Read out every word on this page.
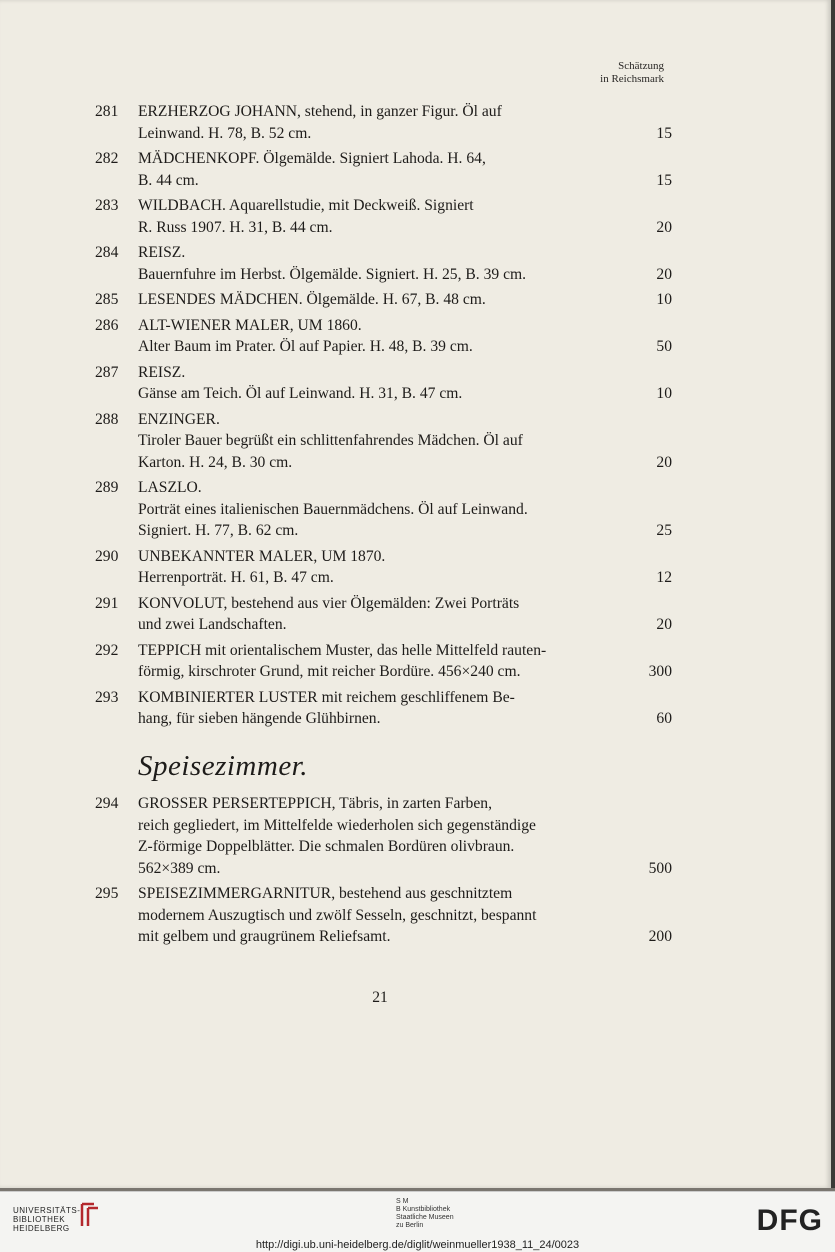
Schätzung
in Reichsmark
281	ERZHERZOG JOHANN, stehend, in ganzer Figur. Öl auf
Leinwand. H. 78, B. 52 cm.	15
282	MÄDCHENKOPF. Ölgemälde. Signiert Lahoda. H. 64,
B. 44 cm.	15
283	WILDBACH. Aquarellstudie, mit Deckweiß. Signiert
R. Russ 1907. H. 31, B. 44 cm.	20
284	REISZ.
Bauernfuhre im Herbst. Ölgemälde. Signiert. H. 25, B. 39 cm.	20
285	LESENDES MÄDCHEN. Ölgemälde. H. 67, B. 48 cm.	10
286	ALT-WIENER MALER, UM 1860.
Alter Baum im Prater. Öl auf Papier. H. 48, B. 39 cm.	50
287	REISZ.
Gänse am Teich. Öl auf Leinwand. H. 31, B. 47 cm.	10
288	ENZINGER.
Tiroler Bauer begrüßt ein schlittenfahrendes Mädchen. Öl auf
Karton. H. 24, B. 30 cm.	20
289	LASZLO.
Porträt eines italienischen Bauernmädchens. Öl auf Leinwand.
Signiert. H. 77, B. 62 cm.	25
290	UNBEKANNTER MALER, UM 1870.
Herrenporträt. H. 61, B. 47 cm.	12
291	KONVOLUT, bestehend aus vier Ölgemälden: Zwei Porträts
und zwei Landschaften.	20
292	TEPPICH mit orientalischem Muster, das helle Mittelfeld rauten-
förmig, kirschroter Grund, mit reicher Bordüre. 456×240 cm.	300
293	KOMBINIERTER LUSTER mit reichem geschliffenem Be-
hang, für sieben hängende Glühbirnen.	60
Speisezimmer.
294	GROSSER PERSERTEPPICH, Täbris, in zarten Farben,
reich gegliedert, im Mittelfelde wiederholen sich gegenständige
Z-förmige Doppelblätter. Die schmalen Bordüren olivbraun.
562×389 cm.	500
295	SPEISEZIMMERGARNITUR, bestehend aus geschnitztem
modernem Auszugtisch und zwölf Sesseln, geschnitzt, bespannt
mit gelbem und graugrünem Reliefsamt.	200
21
UNIVERSITÄTS-
BIBLIOTHEK
HEIDELBERG
S M
B Kunstbibliothek
Staatliche Museen
zu Berlin	DFG
http://digi.ub.uni-heidelberg.de/diglit/weinmueller1938_11_24/0023
